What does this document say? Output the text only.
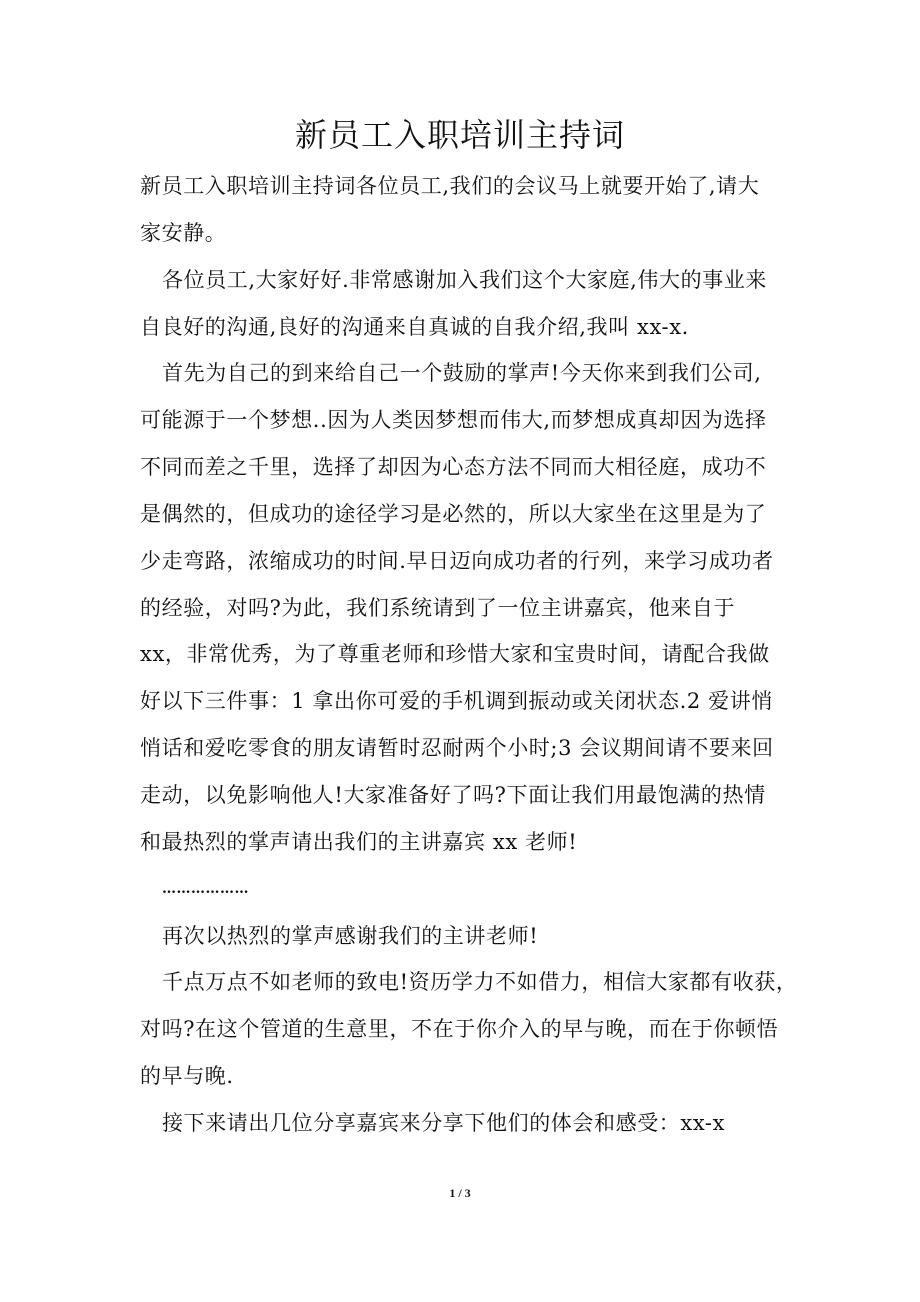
新员工入职培训主持词
新员工入职培训主持词各位员工,我们的会议马上就要开始了,请大
家安静。
各位员工,大家好好.非常感谢加入我们这个大家庭,伟大的事业来
自良好的沟通,良好的沟通来自真诚的自我介绍,我叫 xx-x.
首先为自己的到来给自己一个鼓励的掌声!今天你来到我们公司,
可能源于一个梦想..因为人类因梦想而伟大,而梦想成真却因为选择
不同而差之千里，选择了却因为心态方法不同而大相径庭，成功不
是偶然的，但成功的途径学习是必然的，所以大家坐在这里是为了
少走弯路，浓缩成功的时间.早日迈向成功者的行列，来学习成功者
的经验，对吗?为此，我们系统请到了一位主讲嘉宾，他来自于
xx，非常优秀，为了尊重老师和珍惜大家和宝贵时间，请配合我做
好以下三件事：1 拿出你可爱的手机调到振动或关闭状态.2 爱讲悄
悄话和爱吃零食的朋友请暂时忍耐两个小时;3 会议期间请不要来回
走动，以免影响他人!大家准备好了吗?下面让我们用最饱满的热情
和最热烈的掌声请出我们的主讲嘉宾 xx 老师!
………………
再次以热烈的掌声感谢我们的主讲老师!
千点万点不如老师的致电!资历学力不如借力，相信大家都有收获，
对吗?在这个管道的生意里，不在于你介入的早与晚，而在于你顿悟
的早与晚.
接下来请出几位分享嘉宾来分享下他们的体会和感受：xx-x
1 / 3
